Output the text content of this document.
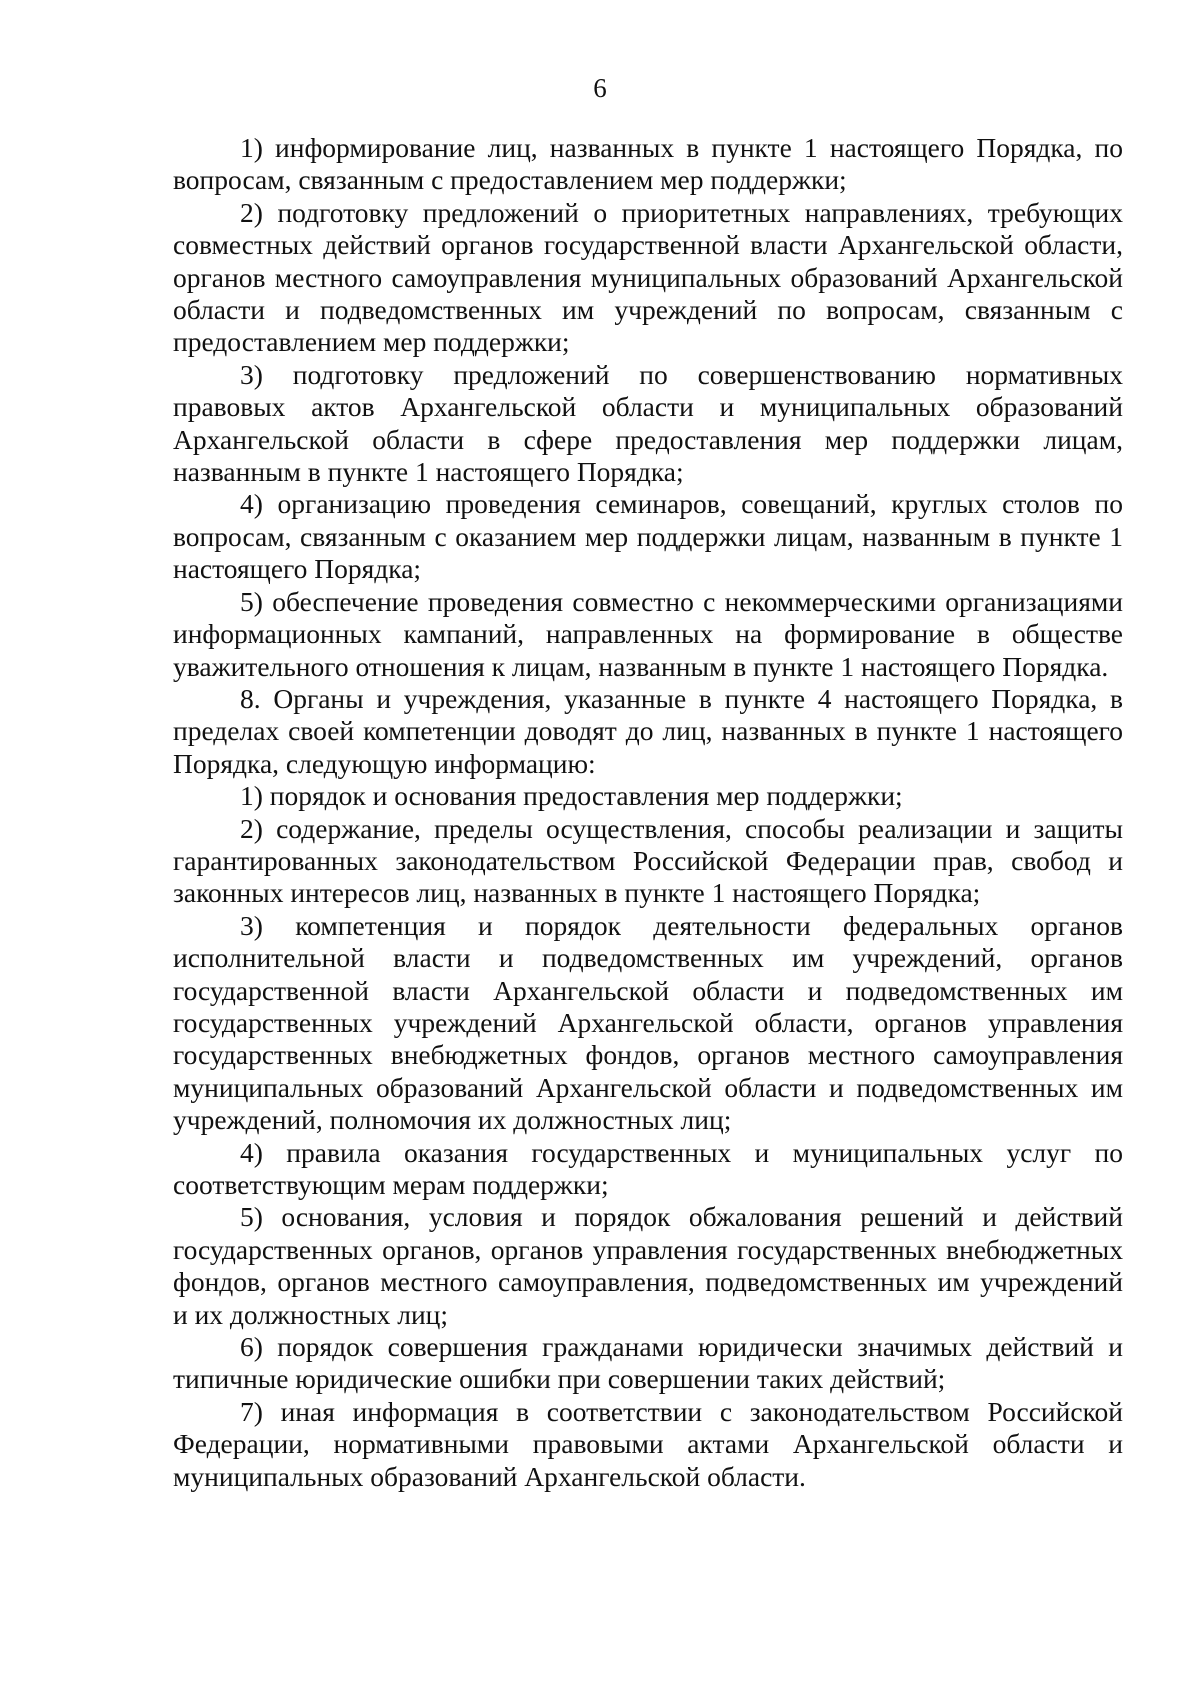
6

1) информирование лиц, названных в пункте 1 настоящего Порядка, по вопросам, связанным с предоставлением мер поддержки;

2) подготовку предложений о приоритетных направлениях, требующих совместных действий органов государственной власти Архангельской области, органов местного самоуправления муниципальных образований Архангельской области и подведомственных им учреждений по вопросам, связанным с предоставлением мер поддержки;

3) подготовку предложений по совершенствованию нормативных правовых актов Архангельской области и муниципальных образований Архангельской области в сфере предоставления мер поддержки лицам, названным в пункте 1 настоящего Порядка;

4) организацию проведения семинаров, совещаний, круглых столов по вопросам, связанным с оказанием мер поддержки лицам, названным в пункте 1 настоящего Порядка;

5) обеспечение проведения совместно с некоммерческими организациями информационных кампаний, направленных на формирование в обществе уважительного отношения к лицам, названным в пункте 1 настоящего Порядка.

8. Органы и учреждения, указанные в пункте 4 настоящего Порядка, в пределах своей компетенции доводят до лиц, названных в пункте 1 настоящего Порядка, следующую информацию:

1) порядок и основания предоставления мер поддержки;

2) содержание, пределы осуществления, способы реализации и защиты гарантированных законодательством Российской Федерации прав, свобод и законных интересов лиц, названных в пункте 1 настоящего Порядка;

3) компетенция и порядок деятельности федеральных органов исполнительной власти и подведомственных им учреждений, органов государственной власти Архангельской области и подведомственных им государственных учреждений Архангельской области, органов управления государственных внебюджетных фондов, органов местного самоуправления муниципальных образований Архангельской области и подведомственных им учреждений, полномочия их должностных лиц;

4) правила оказания государственных и муниципальных услуг по соответствующим мерам поддержки;

5) основания, условия и порядок обжалования решений и действий государственных органов, органов управления государственных внебюджетных фондов, органов местного самоуправления, подведомственных им учреждений и их должностных лиц;

6) порядок совершения гражданами юридически значимых действий и типичные юридические ошибки при совершении таких действий;

7) иная информация в соответствии с законодательством Российской Федерации, нормативными правовыми актами Архангельской области и муниципальных образований Архангельской области.
